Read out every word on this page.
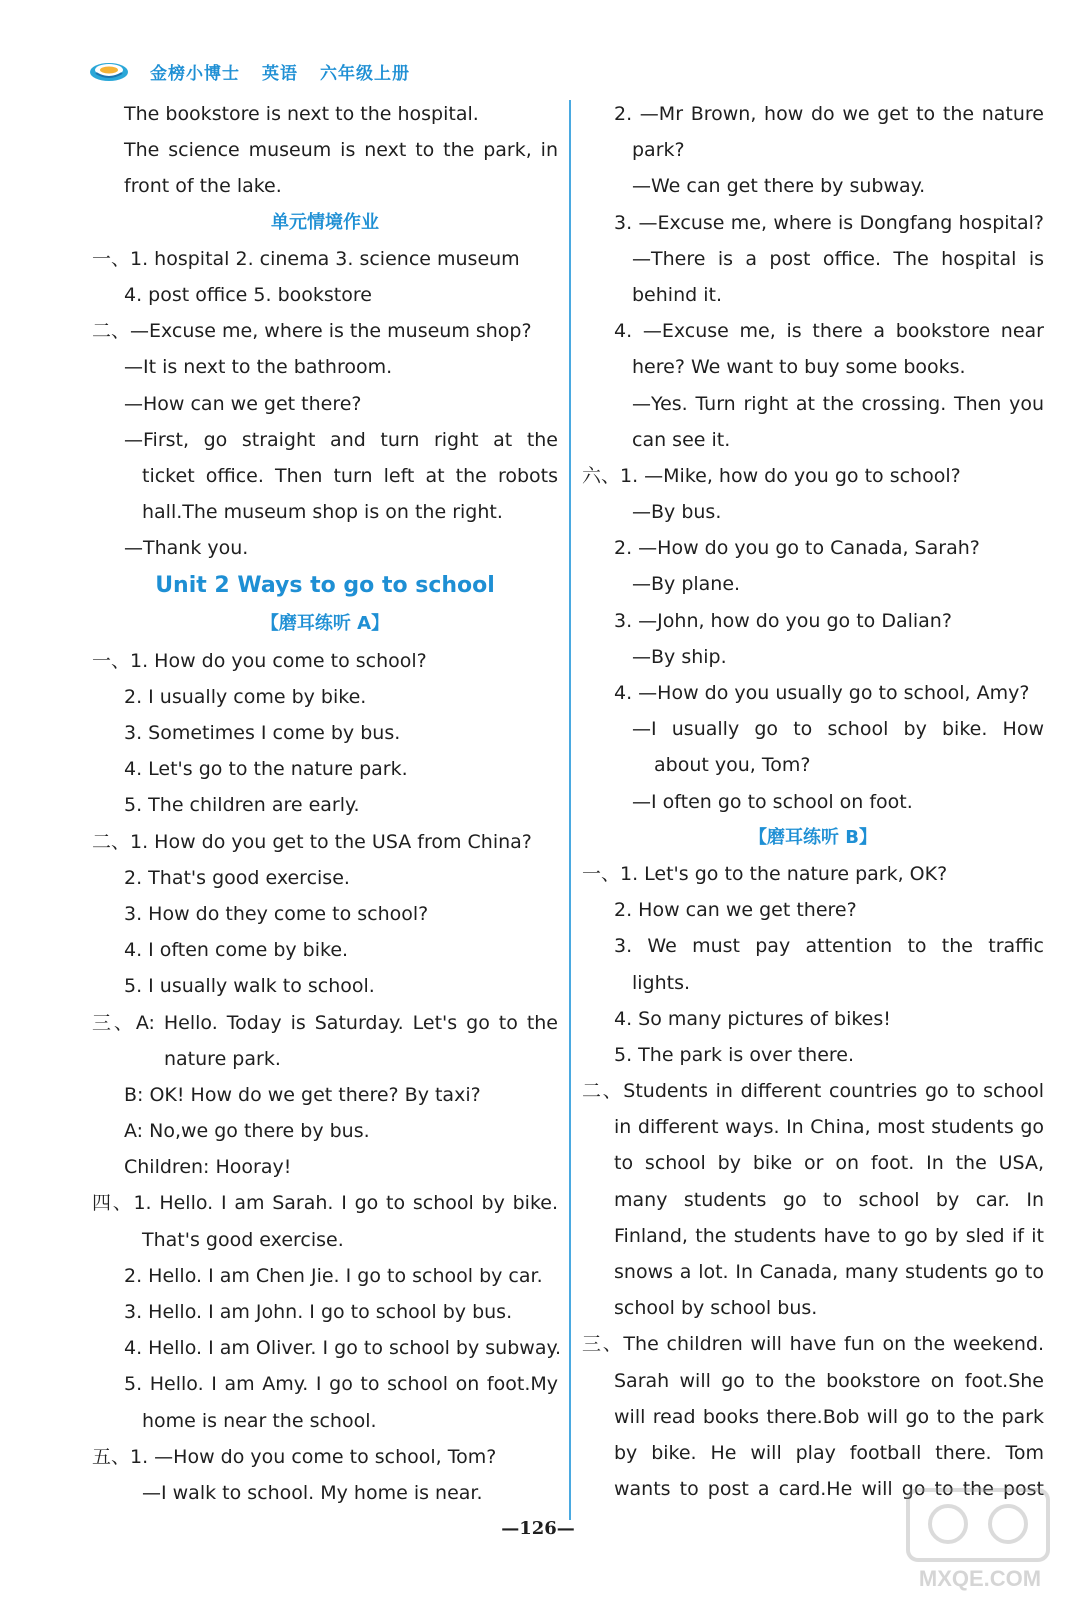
金榜小博士 英语 六年级上册
The bookstore is next to the hospital.
The science museum is next to the park, in
front of the lake.
单元情境作业
一、1. hospital 2. cinema 3. science museum
4. post office 5. bookstore
二、—Excuse me, where is the museum shop?
—It is next to the bathroom.
—How can we get there?
—First, go straight and turn right at the
ticket office. Then turn left at the robots
hall.The museum shop is on the right.
—Thank you.
Unit 2 Ways to go to school
【磨耳练听 A】
一、1. How do you come to school?
2. I usually come by bike.
3. Sometimes I come by bus.
4. Let's go to the nature park.
5. The children are early.
二、1. How do you get to the USA from China?
2. That's good exercise.
3. How do they come to school?
4. I often come by bike.
5. I usually walk to school.
三、A: Hello. Today is Saturday. Let's go to the
nature park.
B: OK! How do we get there? By taxi?
A: No,we go there by bus.
Children: Hooray!
四、1. Hello. I am Sarah. I go to school by bike.
That's good exercise.
2. Hello. I am Chen Jie. I go to school by car.
3. Hello. I am John. I go to school by bus.
4. Hello. I am Oliver. I go to school by subway.
5. Hello. I am Amy. I go to school on foot.My
home is near the school.
五、1. —How do you come to school, Tom?
—I walk to school. My home is near.
2. —Mr Brown, how do we get to the nature
park?
—We can get there by subway.
3. —Excuse me, where is Dongfang hospital?
—There is a post office. The hospital is
behind it.
4. —Excuse me, is there a bookstore near
here? We want to buy some books.
—Yes. Turn right at the crossing. Then you
can see it.
六、1. —Mike, how do you go to school?
—By bus.
2. —How do you go to Canada, Sarah?
—By plane.
3. —John, how do you go to Dalian?
—By ship.
4. —How do you usually go to school, Amy?
—I usually go to school by bike. How
about you, Tom?
—I often go to school on foot.
【磨耳练听 B】
一、1. Let's go to the nature park, OK?
2. How can we get there?
3. We must pay attention to the traffic
lights.
4. So many pictures of bikes!
5. The park is over there.
二、Students in different countries go to school
in different ways. In China, most students go
to school by bike or on foot. In the USA,
many students go to school by car. In
Finland, the students have to go by sled if it
snows a lot. In Canada, many students go to
school by school bus.
三、The children will have fun on the weekend.
Sarah will go to the bookstore on foot.She
will read books there.Bob will go to the park
by bike. He will play football there. Tom
wants to post a card.He will go to the post
—126—
MXQE.COM
